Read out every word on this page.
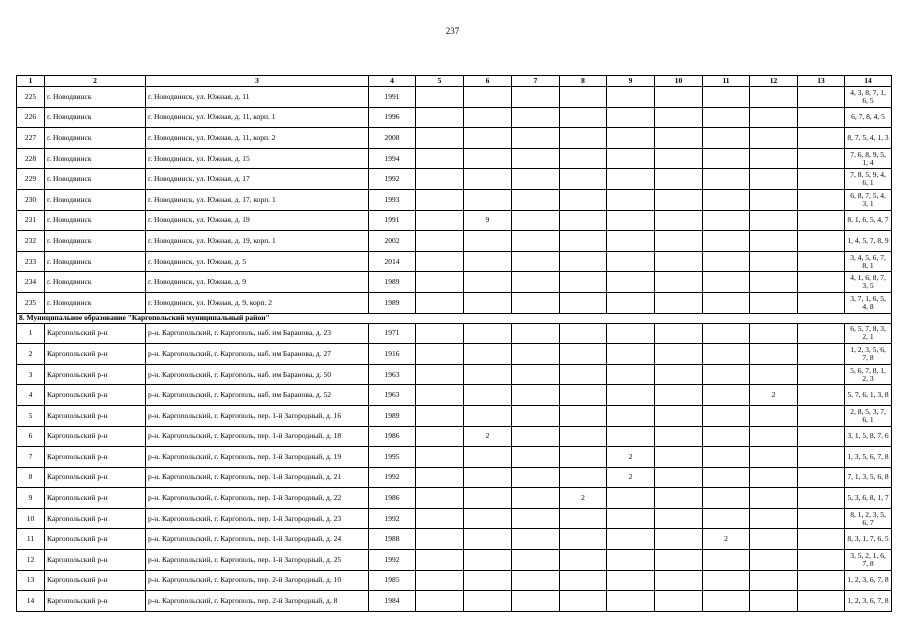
237
1	2	3	4	5	6	7	8	9	10	11	12	13	14
225	г. Новодвинск	г. Новодвинск, ул. Южная, д. 11	1991										4, 3, 8, 7, 1, 6, 5
226	г. Новодвинск	г. Новодвинск, ул. Южная, д. 11, корп. 1	1996										6, 7, 8, 4, 5
227	г. Новодвинск	г. Новодвинск, ул. Южная, д. 11, корп. 2	2008										8, 7, 5, 4, 1, 3
228	г. Новодвинск	г. Новодвинск, ул. Южная, д. 15	1994										7, 6, 8, 9, 5, 1, 4
229	г. Новодвинск	г. Новодвинск, ул. Южная, д. 17	1992										7, 8, 5, 9, 4, 6, 1
230	г. Новодвинск	г. Новодвинск, ул. Южная, д. 17, корп. 1	1993										6, 8, 7, 5, 4, 3, 1
231	г. Новодвинск	г. Новодвинск, ул. Южная, д. 19	1991		9								8, 1, 6, 5, 4, 7
232	г. Новодвинск	г. Новодвинск, ул. Южная, д. 19, корп. 1	2002										1, 4, 5, 7, 8, 9
233	г. Новодвинск	г. Новодвинск, ул. Южная, д. 5	2014										3, 4, 5, 6, 7, 8, 1
234	г. Новодвинск	г. Новодвинск, ул. Южная, д. 9	1989										4, 1, 6, 8, 7, 3, 5
235	г. Новодвинск	г. Новодвинск, ул. Южная, д. 9, корп. 2	1989										3, 7, 1, 6, 5, 4, 8
8. Муниципальное образование "Каргопольский муниципальный район"													
1	Каргопольский р-н	р-н. Каргопольский, г. Каргополь, наб. им Баранова, д. 23	1971										6, 5, 7, 8, 3, 2, 1
2	Каргопольский р-н	р-н. Каргопольский, г. Каргополь, наб. им Баранова, д. 27	1916										1, 2, 3, 5, 6, 7, 8
3	Каргопольский р-н	р-н. Каргопольский, г. Каргополь, наб. им Баранова, д. 50	1963										5, 6, 7, 8, 1, 2, 3
4	Каргопольский р-н	р-н. Каргопольский, г. Каргополь, наб. им Баранова, д. 52	1963								2		5, 7, 6, 1, 3, 8
5	Каргопольский р-н	р-н. Каргопольский, г. Каргополь, пер. 1-й Загородный, д. 16	1989										2, 8, 5, 3, 7, 6, 1
6	Каргопольский р-н	р-н. Каргопольский, г. Каргополь, пер. 1-й Загородный, д. 18	1986		2								3, 1, 5, 8, 7, 6
7	Каргопольский р-н	р-н. Каргопольский, г. Каргополь, пер. 1-й Загородный, д. 19	1995					2					1, 3, 5, 6, 7, 8
8	Каргопольский р-н	р-н. Каргопольский, г. Каргополь, пер. 1-й Загородный, д. 21	1992					2					7, 1, 3, 5, 6, 8
9	Каргопольский р-н	р-н. Каргопольский, г. Каргополь, пер. 1-й Загородный, д. 22	1986				2						5, 3, 6, 8, 1, 7
10	Каргопольский р-н	р-н. Каргопольский, г. Каргополь, пер. 1-й Загородный, д. 23	1992										8, 1, 2, 3, 5, 6, 7
11	Каргопольский р-н	р-н. Каргопольский, г. Каргополь, пер. 1-й Загородный, д. 24	1988							2			8, 3, 1, 7, 6, 5
12	Каргопольский р-н	р-н. Каргопольский, г. Каргополь, пер. 1-й Загородный, д. 25	1992										3, 5, 2, 1, 6, 7, 8
13	Каргопольский р-н	р-н. Каргопольский, г. Каргополь, пер. 2-й Загородный, д. 10	1985										1, 2, 3, 6, 7, 8
14	Каргопольский р-н	р-н. Каргопольский, г. Каргополь, пер. 2-й Загородный, д. 8	1984										1, 2, 3, 6, 7, 8
